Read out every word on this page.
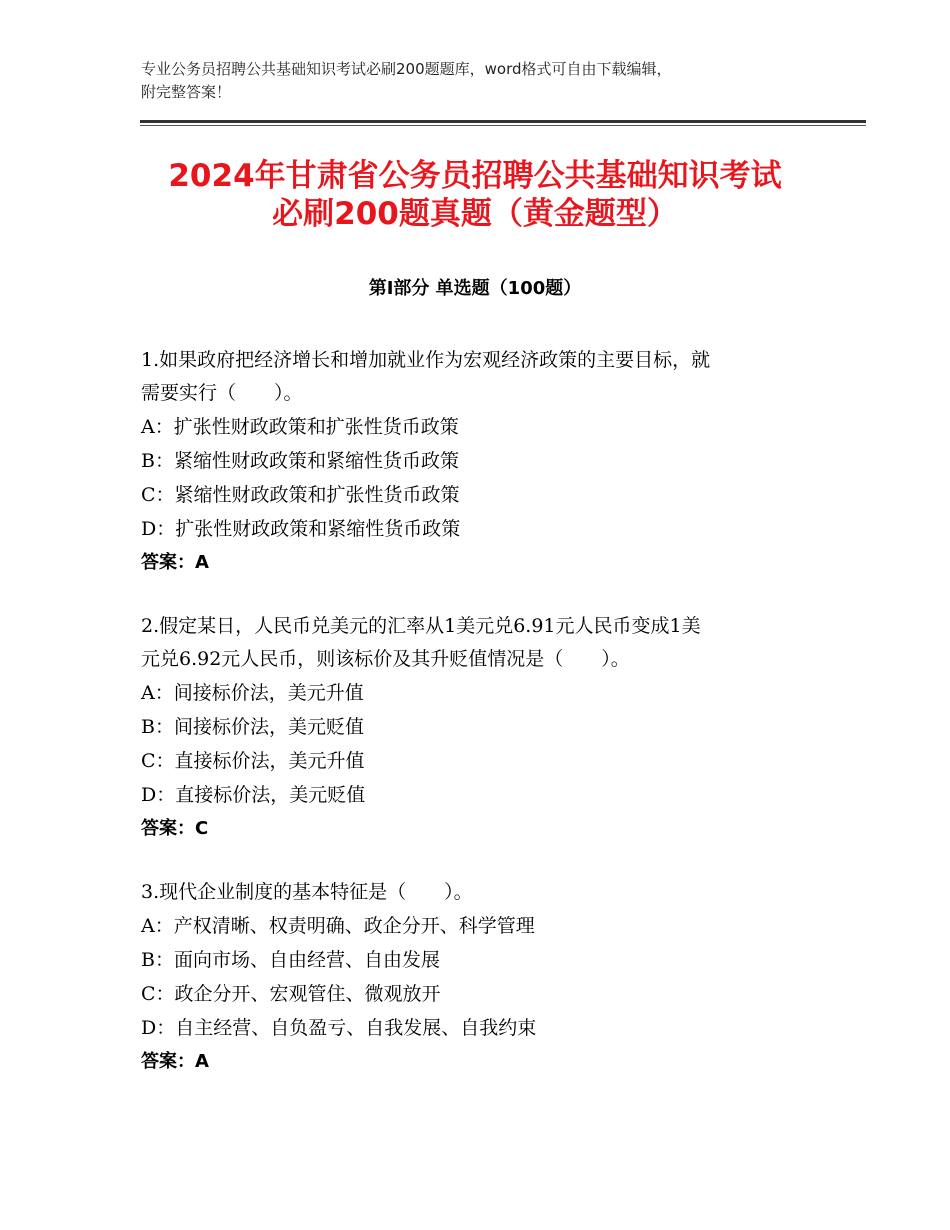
专业公务员招聘公共基础知识考试必刷200题题库，word格式可自由下载编辑，
附完整答案！
2024年甘肃省公务员招聘公共基础知识考试
必刷200题真题（黄金题型）
第Ⅰ部分 单选题（100题）
1.如果政府把经济增长和增加就业作为宏观经济政策的主要目标，就
需要实行（　　）。
A：扩张性财政政策和扩张性货币政策
B：紧缩性财政政策和紧缩性货币政策
C：紧缩性财政政策和扩张性货币政策
D：扩张性财政政策和紧缩性货币政策
答案：A
2.假定某日，人民币兑美元的汇率从1美元兑6.91元人民币变成1美
元兑6.92元人民币，则该标价及其升贬值情况是（　　）。
A：间接标价法，美元升值
B：间接标价法，美元贬值
C：直接标价法，美元升值
D：直接标价法，美元贬值
答案：C
3.现代企业制度的基本特征是（　　）。
A：产权清晰、权责明确、政企分开、科学管理
B：面向市场、自由经营、自由发展
C：政企分开、宏观管住、微观放开
D：自主经营、自负盈亏、自我发展、自我约束
答案：A
